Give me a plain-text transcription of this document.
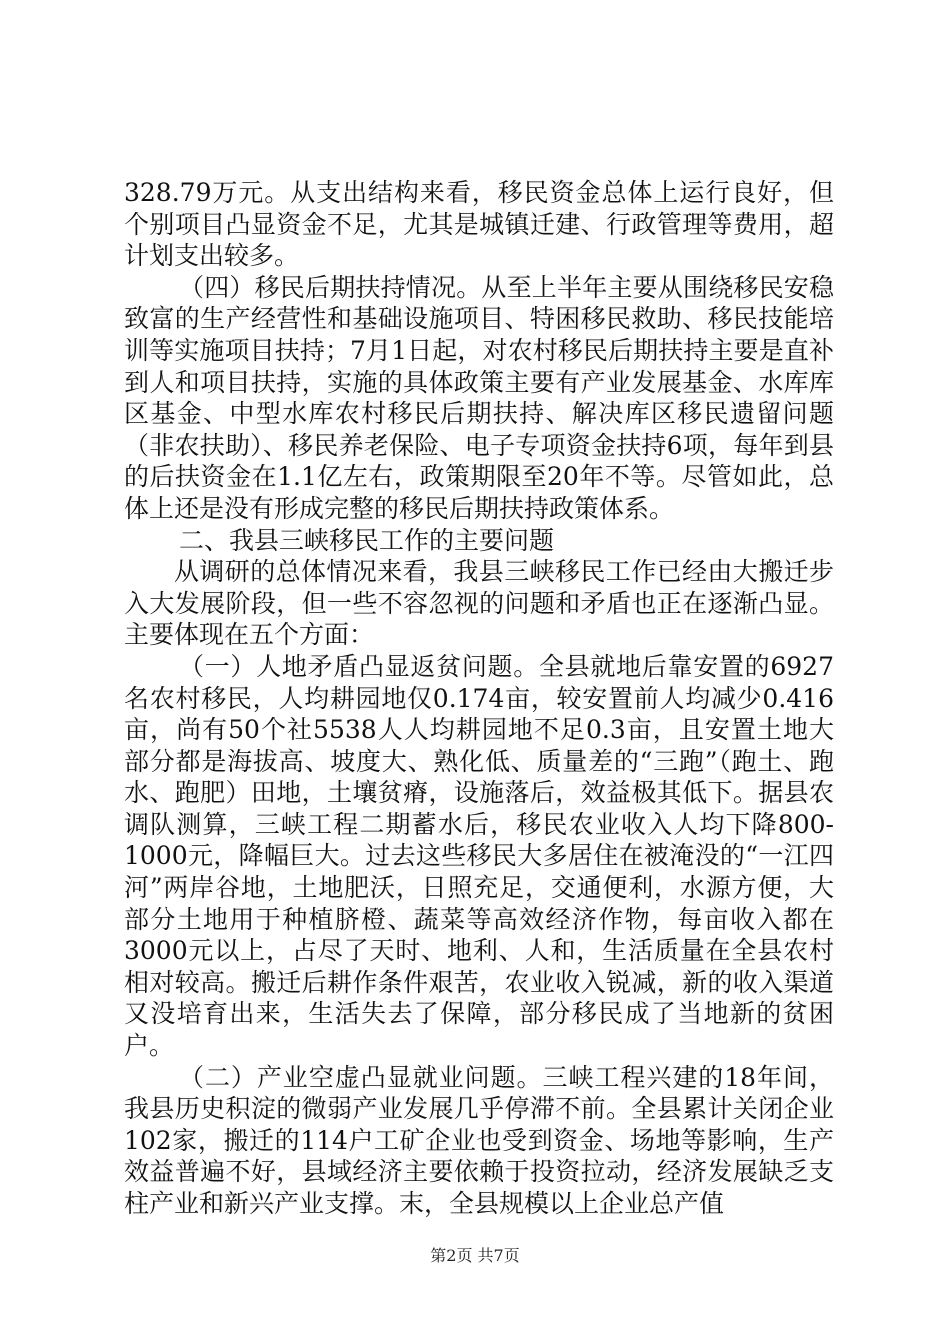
328.79万元。从支出结构来看，移民资金总体上运行良好，但个别项目凸显资金不足，尤其是城镇迁建、行政管理等费用，超计划支出较多。

（四）移民后期扶持情况。从至上半年主要从围绕移民安稳致富的生产经营性和基础设施项目、特困移民救助、移民技能培训等实施项目扶持；7月1日起，对农村移民后期扶持主要是直补到人和项目扶持，实施的具体政策主要有产业发展基金、水库库区基金、中型水库农村移民后期扶持、解决库区移民遗留问题（非农扶助）、移民养老保险、电子专项资金扶持6项，每年到县的后扶资金在1.1亿左右，政策期限至20年不等。尽管如此，总体上还是没有形成完整的移民后期扶持政策体系。

二、我县三峡移民工作的主要问题

从调研的总体情况来看，我县三峡移民工作已经由大搬迁步入大发展阶段，但一些不容忽视的问题和矛盾也正在逐渐凸显。主要体现在五个方面：

（一）人地矛盾凸显返贫问题。全县就地后靠安置的6927名农村移民，人均耕园地仅0.174亩，较安置前人均减少0.416亩，尚有50个社5538人人均耕园地不足0.3亩，且安置土地大部分都是海拔高、坡度大、熟化低、质量差的“三跑”（跑土、跑水、跑肥）田地，土壤贫瘠，设施落后，效益极其低下。据县农调队测算，三峡工程二期蓄水后，移民农业收入人均下降800-1000元，降幅巨大。过去这些移民大多居住在被淹没的“一江四河”两岸谷地，土地肥沃，日照充足，交通便利，水源方便，大部分土地用于种植脐橙、蔬菜等高效经济作物，每亩收入都在3000元以上，占尽了天时、地利、人和，生活质量在全县农村相对较高。搬迁后耕作条件艰苦，农业收入锐减，新的收入渠道又没培育出来，生活失去了保障，部分移民成了当地新的贫困户。

（二）产业空虚凸显就业问题。三峡工程兴建的18年间，我县历史积淀的微弱产业发展几乎停滞不前。全县累计关闭企业102家，搬迁的114户工矿企业也受到资金、场地等影响，生产效益普遍不好，县域经济主要依赖于投资拉动，经济发展缺乏支柱产业和新兴产业支撑。末，全县规模以上企业总产值

第2页 共7页
